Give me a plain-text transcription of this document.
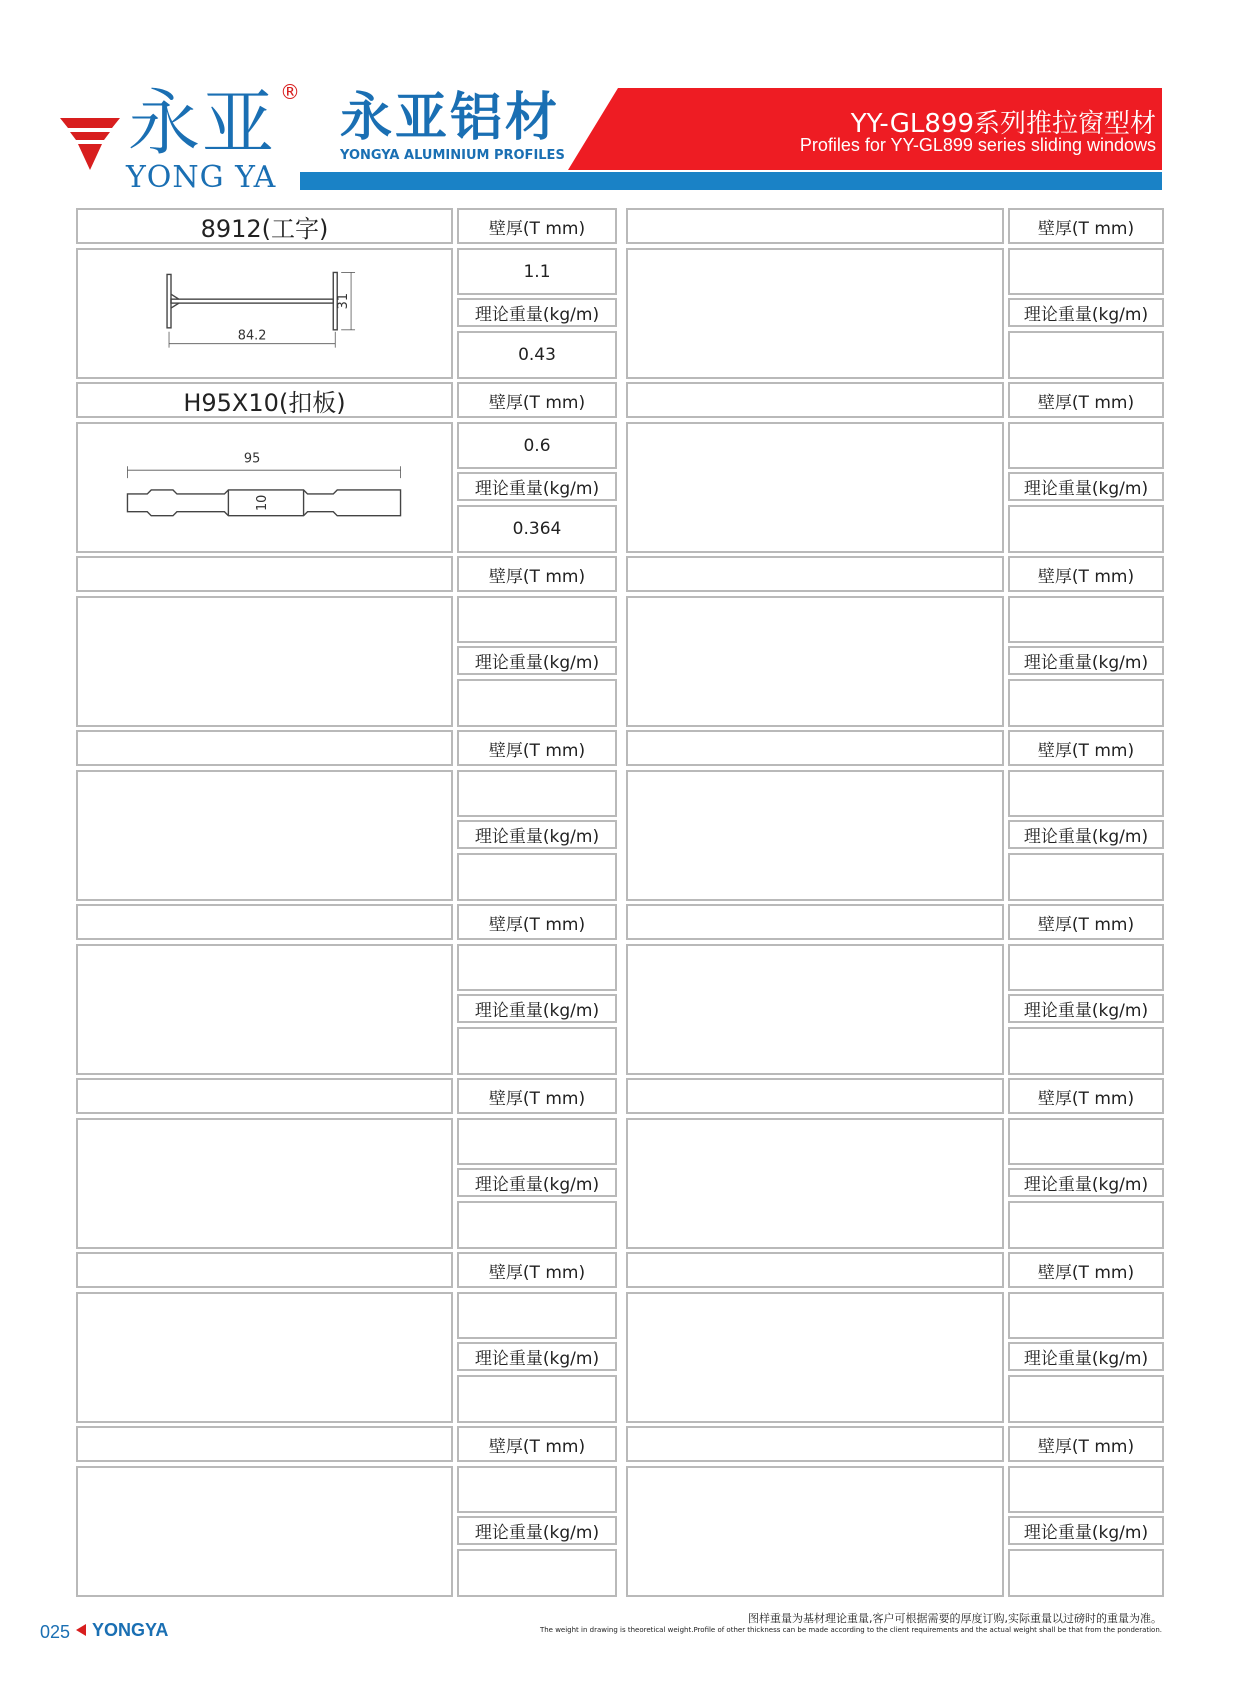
永亚 ®
YONG YA
永亚铝材
YONGYA ALUMINIUM PROFILES
YY-GL899系列推拉窗型材
Profiles for YY-GL899 series sliding windows
8912(工字)
84.2
31
壁厚(T mm)
1.1
理论重量(kg/m)
0.43
壁厚(T mm)
理论重量(kg/m)
H95X10(扣板)
95
10
壁厚(T mm)
0.6
理论重量(kg/m)
0.364
壁厚(T mm)
理论重量(kg/m)
壁厚(T mm)
理论重量(kg/m)
壁厚(T mm)
理论重量(kg/m)
壁厚(T mm)
理论重量(kg/m)
壁厚(T mm)
理论重量(kg/m)
壁厚(T mm)
理论重量(kg/m)
壁厚(T mm)
理论重量(kg/m)
壁厚(T mm)
理论重量(kg/m)
壁厚(T mm)
理论重量(kg/m)
壁厚(T mm)
理论重量(kg/m)
壁厚(T mm)
理论重量(kg/m)
壁厚(T mm)
理论重量(kg/m)
壁厚(T mm)
理论重量(kg/m)
025 YONGYA
图样重量为基材理论重量,客户可根据需要的厚度订购,实际重量以过磅时的重量为准。
The weight in drawing is theoretical weight.Profile of other thickness can be made according to the client requirements and the actual weight shall be that from the ponderation.
